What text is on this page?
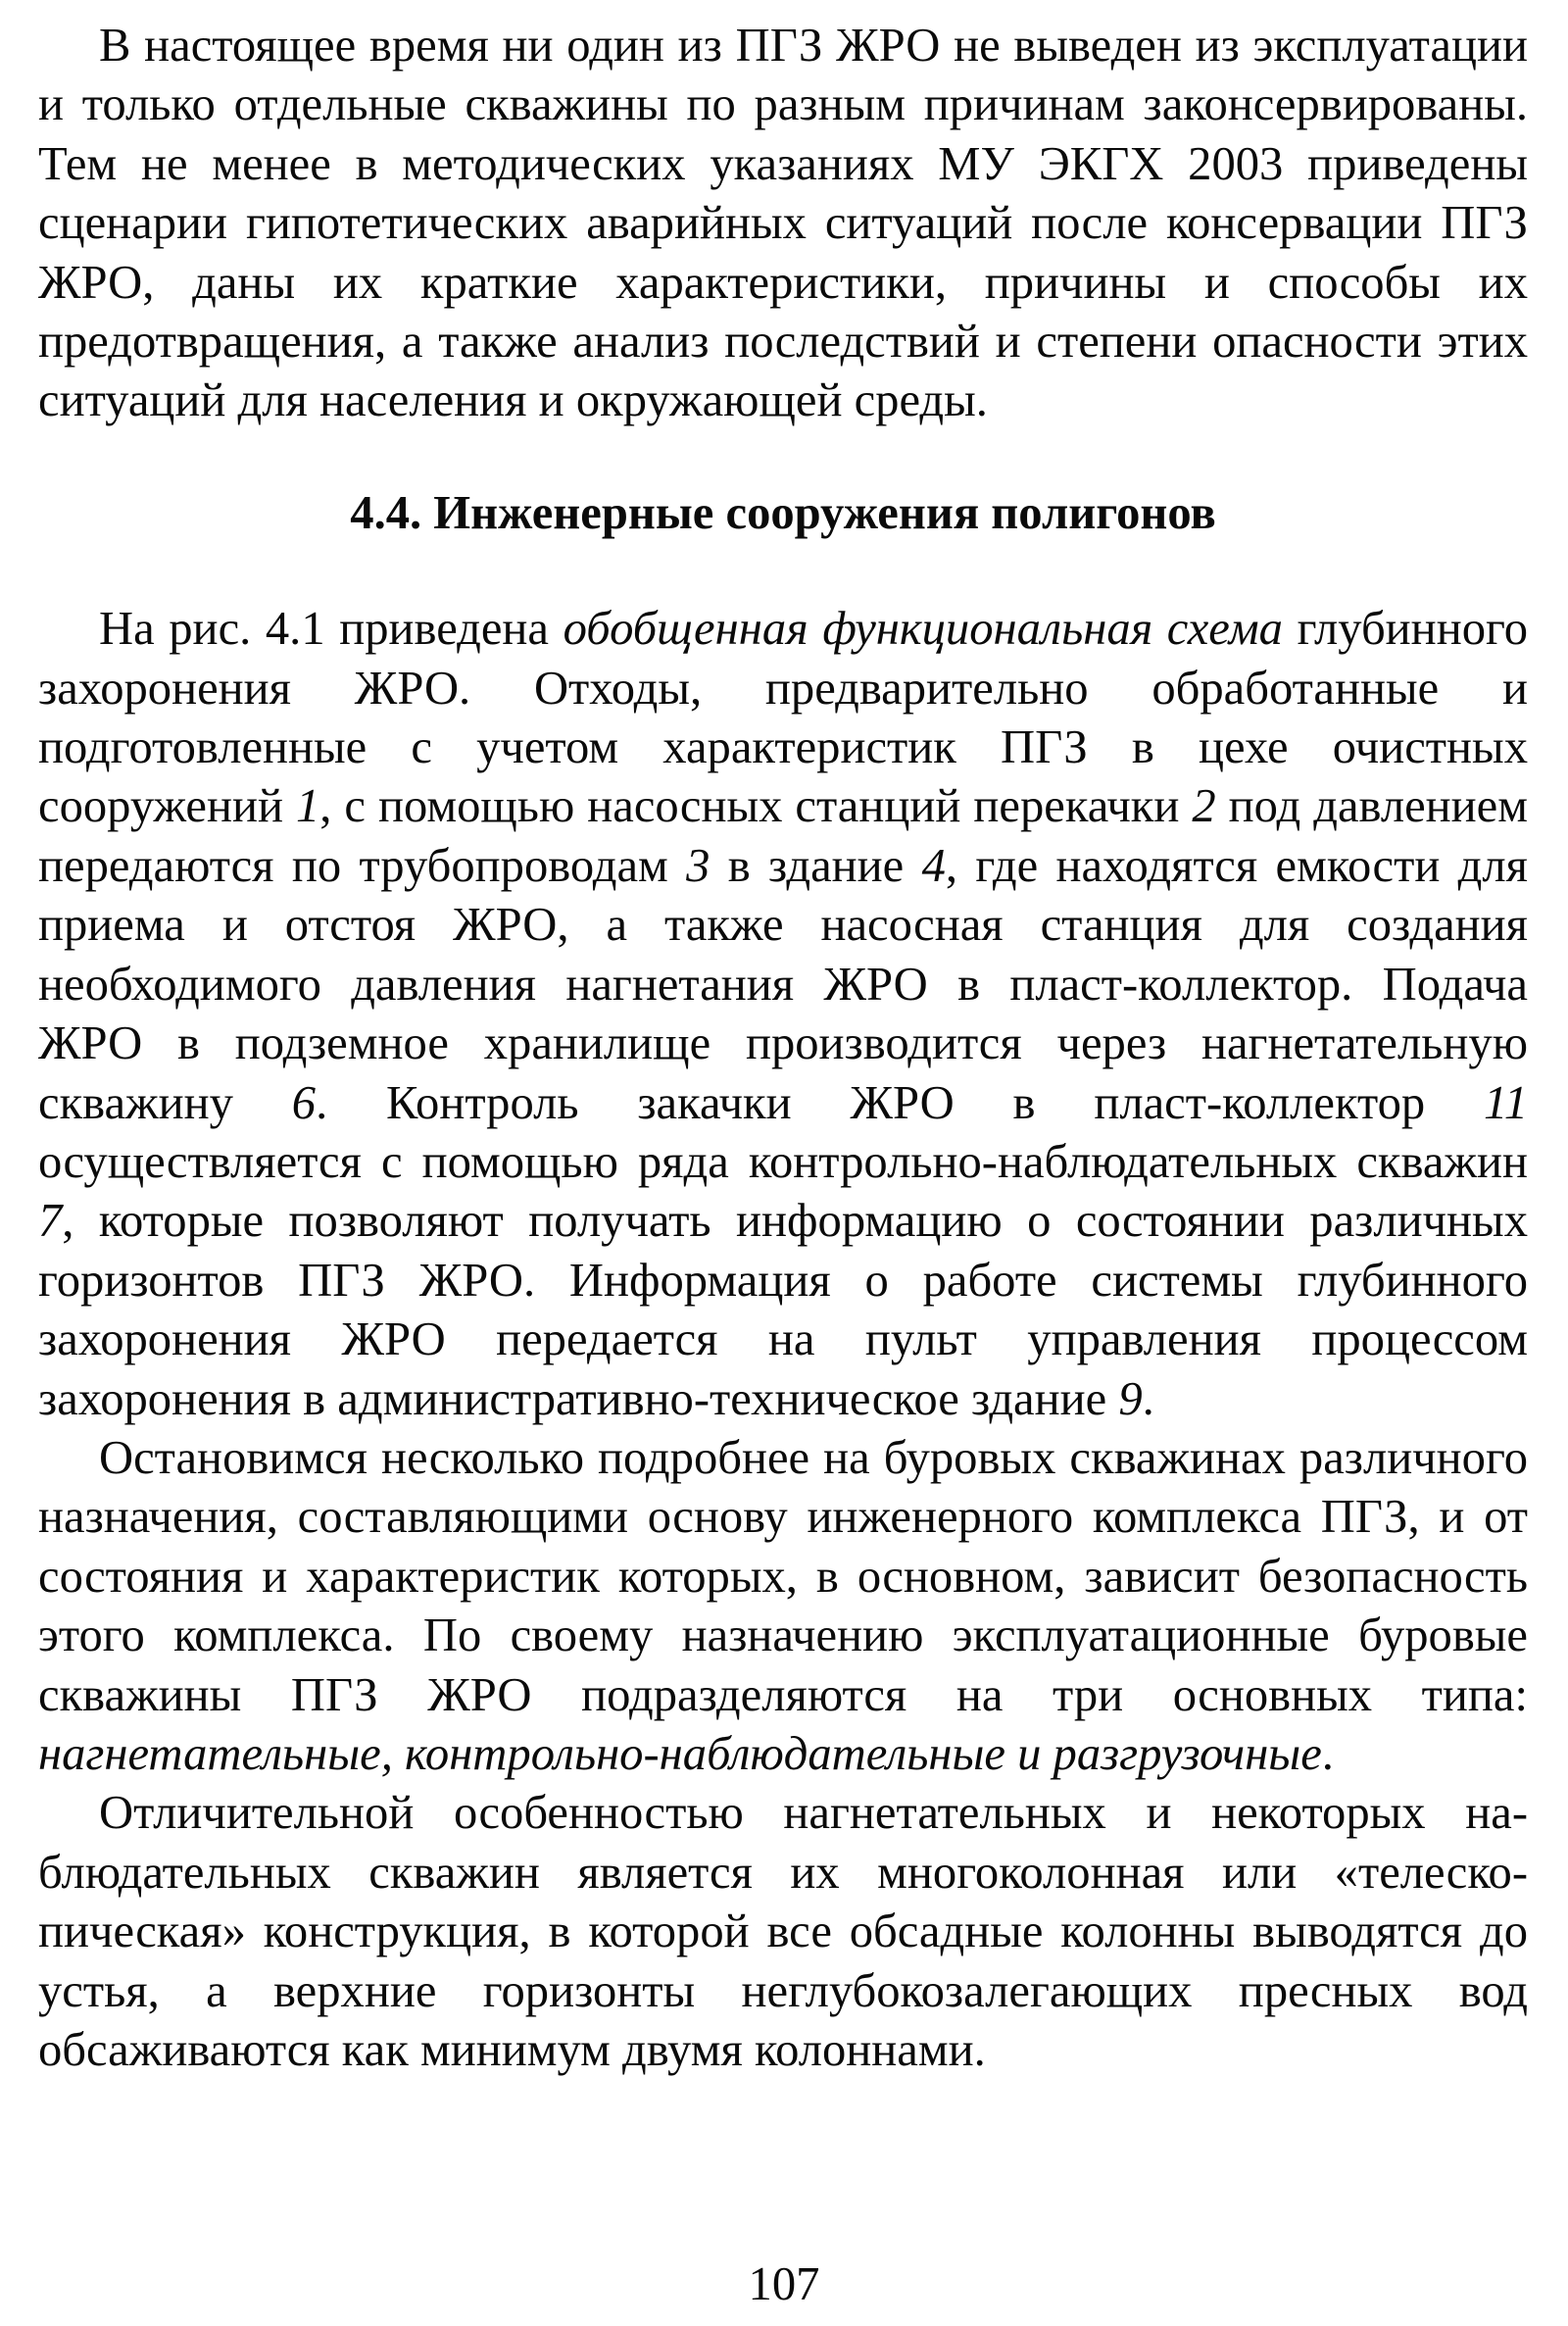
В настоящее время ни один из ПГЗ ЖРО не выведен из эксплуатации и только отдельные скважины по разным причинам законсервированы. Тем не менее в методических указаниях МУ ЭКГХ 2003 приведены сценарии гипотетических аварийных ситуаций после консервации ПГЗ ЖРО, даны их краткие характеристики, причины и способы их предотвращения, а также анализ последствий и степени опасности этих ситуаций для населения и окружающей среды.

4.4. Инженерные сооружения полигонов

На рис. 4.1 приведена обобщенная функциональная схема глубинного захоронения ЖРО. Отходы, предварительно обработанные и подготовленные с учетом характеристик ПГЗ в цехе очистных сооружений 1, с помощью насосных станций перекачки 2 под давлением передаются по трубопроводам 3 в здание 4, где находятся емкости для приема и отстоя ЖРО, а также насосная станция для создания необходимого давления нагнетания ЖРО в пласт-коллектор. Подача ЖРО в подземное хранилище производится через нагнетательную скважину 6. Контроль закачки ЖРО в пласт-коллектор 11 осуществляется с помощью ряда контрольно-наблюдательных скважин 7, которые позволяют получать информацию о состоянии различных горизонтов ПГЗ ЖРО. Информация о работе системы глубинного захоронения ЖРО передается на пульт управления процессом захоронения в административно-техническое здание 9.

Остановимся несколько подробнее на буровых скважинах различного назначения, составляющими основу инженерного комплекса ПГЗ, и от состояния и характеристик которых, в основном, зависит безопасность этого комплекса. По своему назначению эксплуатационные буровые скважины ПГЗ ЖРО подразделяются на три основных типа: нагнетательные, контрольно-наблюдательные и разгрузочные.

Отличительной особенностью нагнетательных и некоторых наблюдательных скважин является их многоколонная или «телескопическая» конструкция, в которой все обсадные колонны выводятся до устья, а верхние горизонты неглубокозалегающих пресных вод обсаживаются как минимум двумя колоннами.

107
